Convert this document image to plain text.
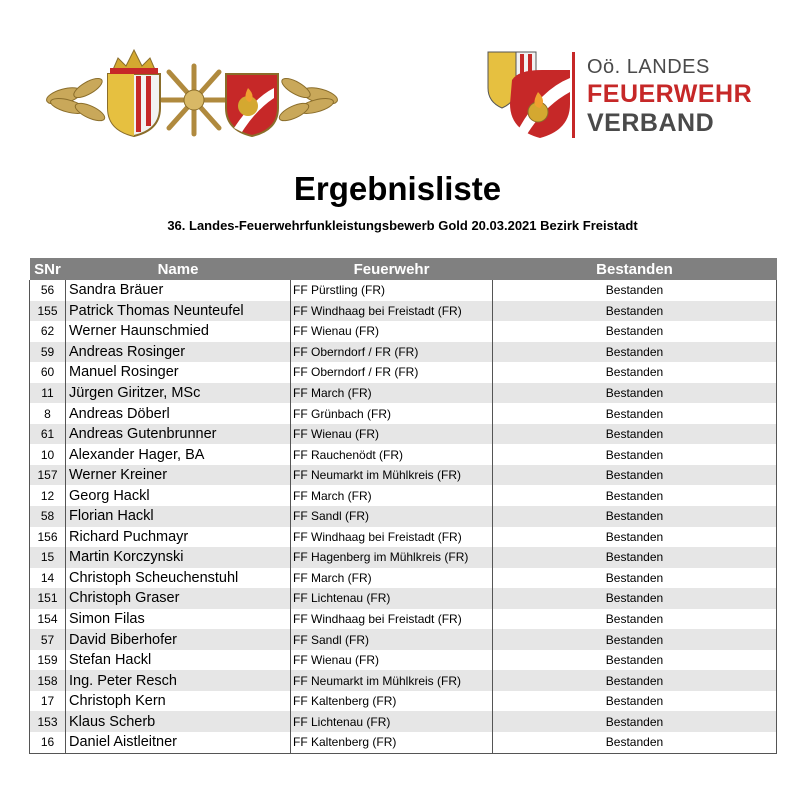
Oö. LANDES
FEUERWEHR
VERBAND
Ergebnisliste
36. Landes-Feuerwehrfunkleistungsbewerb Gold 20.03.2021 Bezirk Freistadt
SNr	Name	Feuerwehr	Bestanden
56	Sandra Bräuer	FF Pürstling (FR)	Bestanden
155	Patrick Thomas Neunteufel	FF Windhaag bei Freistadt (FR)	Bestanden
62	Werner Haunschmied	FF Wienau (FR)	Bestanden
59	Andreas Rosinger	FF Oberndorf / FR (FR)	Bestanden
60	Manuel Rosinger	FF Oberndorf / FR (FR)	Bestanden
11	Jürgen Giritzer, MSc	FF March (FR)	Bestanden
8	Andreas Döberl	FF Grünbach (FR)	Bestanden
61	Andreas Gutenbrunner	FF Wienau (FR)	Bestanden
10	Alexander Hager, BA	FF Rauchenödt (FR)	Bestanden
157	Werner Kreiner	FF Neumarkt im Mühlkreis (FR)	Bestanden
12	Georg Hackl	FF March (FR)	Bestanden
58	Florian Hackl	FF Sandl (FR)	Bestanden
156	Richard Puchmayr	FF Windhaag bei Freistadt (FR)	Bestanden
15	Martin Korczynski	FF Hagenberg im Mühlkreis (FR)	Bestanden
14	Christoph Scheuchenstuhl	FF March (FR)	Bestanden
151	Christoph Graser	FF Lichtenau (FR)	Bestanden
154	Simon Filas	FF Windhaag bei Freistadt (FR)	Bestanden
57	David Biberhofer	FF Sandl (FR)	Bestanden
159	Stefan Hackl	FF Wienau (FR)	Bestanden
158	Ing. Peter Resch	FF Neumarkt im Mühlkreis (FR)	Bestanden
17	Christoph Kern	FF Kaltenberg (FR)	Bestanden
153	Klaus Scherb	FF Lichtenau (FR)	Bestanden
16	Daniel Aistleitner	FF Kaltenberg (FR)	Bestanden
